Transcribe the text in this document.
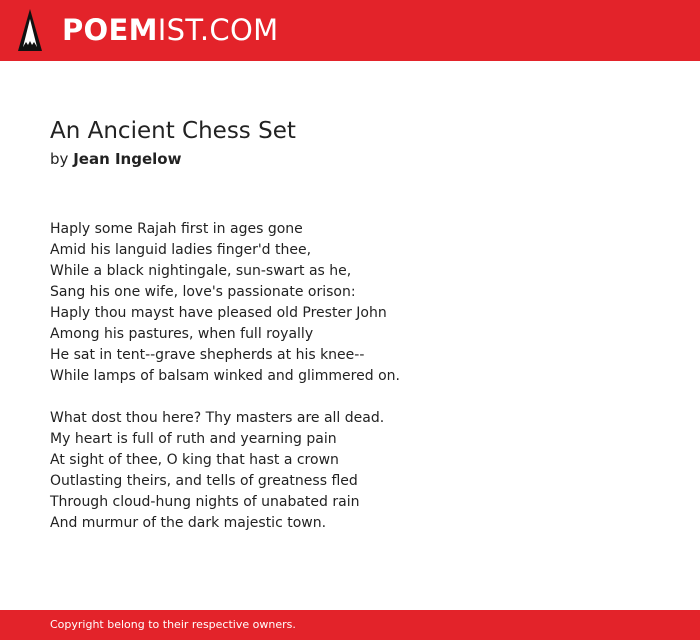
POEMIST.COM
An Ancient Chess Set
by Jean Ingelow
Haply some Rajah first in ages gone
Amid his languid ladies finger'd thee,
While a black nightingale, sun-swart as he,
Sang his one wife, love's passionate orison:
Haply thou mayst have pleased old Prester John
Among his pastures, when full royally
He sat in tent--grave shepherds at his knee--
While lamps of balsam winked and glimmered on.
What dost thou here? Thy masters are all dead.
My heart is full of ruth and yearning pain
At sight of thee, O king that hast a crown
Outlasting theirs, and tells of greatness fled
Through cloud-hung nights of unabated rain
And murmur of the dark majestic town.
Copyright belong to their respective owners.
